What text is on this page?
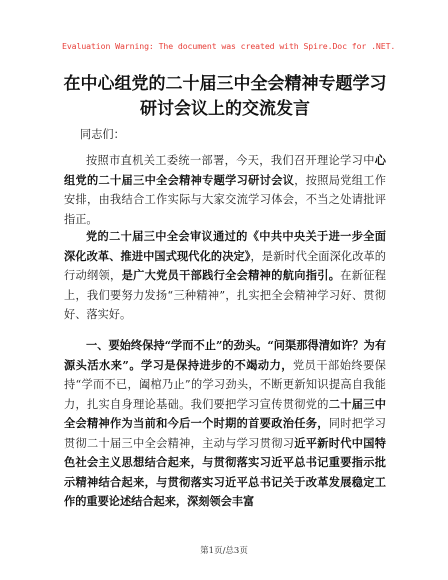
Evaluation Warning: The document was created with Spire.Doc for .NET.
在中心组党的二十届三中全会精神专题学习研讨会议上的交流发言
同志们：
按照市直机关工委统一部署，今天，我们召开理论学习中心组党的二十届三中全会精神专题学习研讨会议，按照局党组工作安排，由我结合工作实际与大家交流学习体会，不当之处请批评指正。
党的二十届三中全会审议通过的《中共中央关于进一步全面深化改革、推进中国式现代化的决定》，是新时代全面深化改革的行动纲领，是广大党员干部践行全会精神的航向指引。在新征程上，我们要努力发扬“三种精神”，扎实把全会精神学习好、贯彻好、落实好。
一、要始终保持“学而不止”的劲头。“问渠那得清如许？为有源头活水来”。学习是保持进步的不竭动力，党员干部始终要保持“学而不已，阖棺乃止”的学习劲头，不断更新知识提高自我能力，扎实自身理论基础。我们要把学习宣传贯彻党的二十届三中全会精神作为当前和今后一个时期的首要政治任务，同时把学习贯彻二十届三中全会精神，主动与学习贯彻习近平新时代中国特色社会主义思想结合起来，与贯彻落实习近平总书记重要指示批示精神结合起来，与贯彻落实习近平总书记关于改革发展稳定工作的重要论述结合起来，深刻领会丰富
第1页/总3页
